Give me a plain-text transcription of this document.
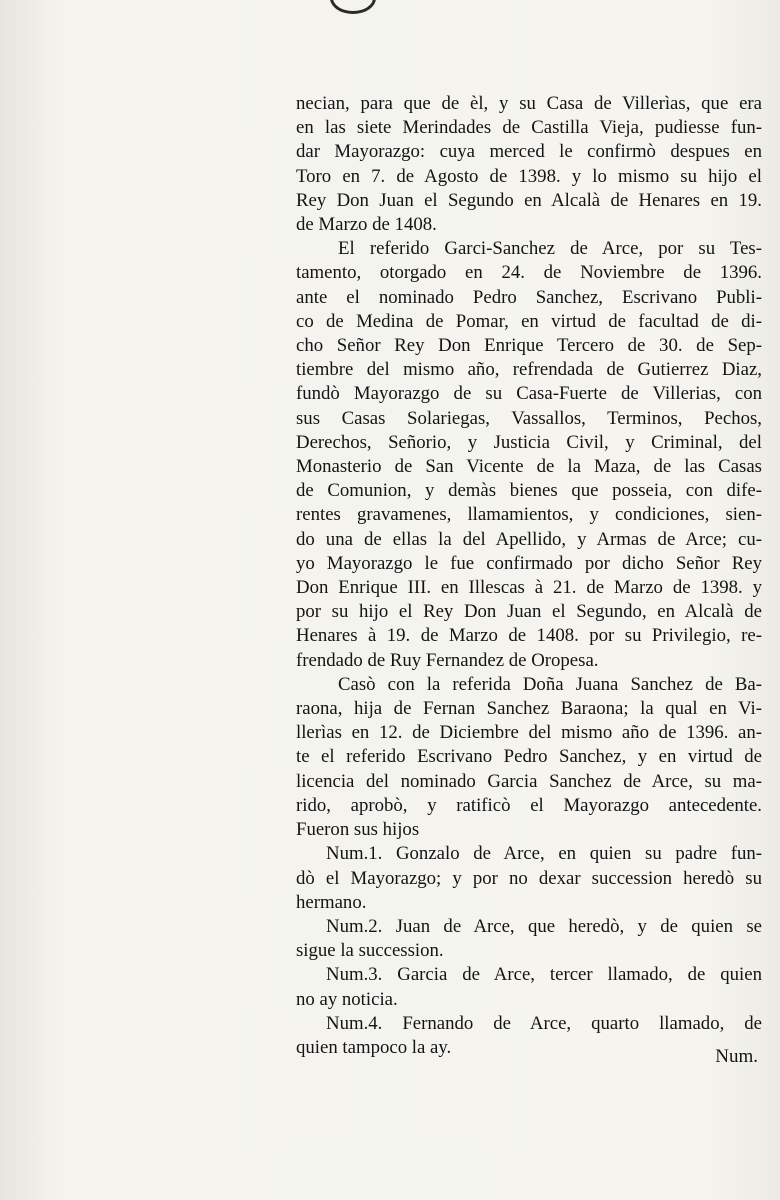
necian, para que de èl, y su Casa de Villerìas, que era
en las siete Merindades de Castilla Vieja, pudiesse fun-
dar Mayorazgo: cuya merced le confirmò despues en
Toro en 7. de Agosto de 1398. y lo mismo su hijo el
Rey Don Juan el Segundo en Alcalà de Henares en 19.
de Marzo de 1408.
El referido Garci-Sanchez de Arce, por su Tes-
tamento, otorgado en 24. de Noviembre de 1396.
ante el nominado Pedro Sanchez, Escrivano Publi-
co de Medina de Pomar, en virtud de facultad de di-
cho Señor Rey Don Enrique Tercero de 30. de Sep-
tiembre del mismo año, refrendada de Gutierrez Diaz,
fundò Mayorazgo de su Casa-Fuerte de Villerias, con
sus Casas Solariegas, Vassallos, Terminos, Pechos,
Derechos, Señorio, y Justicia Civil, y Criminal, del
Monasterio de San Vicente de la Maza, de las Casas
de Comunion, y demàs bienes que posseia, con dife-
rentes gravamenes, llamamientos, y condiciones, sien-
do una de ellas la del Apellido, y Armas de Arce; cu-
yo Mayorazgo le fue confirmado por dicho Señor Rey
Don Enrique III. en Illescas à 21. de Marzo de 1398. y
por su hijo el Rey Don Juan el Segundo, en Alcalà de
Henares à 19. de Marzo de 1408. por su Privilegio, re-
frendado de Ruy Fernandez de Oropesa.
Casò con la referida Doña Juana Sanchez de Ba-
raona, hija de Fernan Sanchez Baraona; la qual en Vi-
llerìas en 12. de Diciembre del mismo año de 1396. an-
te el referido Escrivano Pedro Sanchez, y en virtud de
licencia del nominado Garcia Sanchez de Arce, su ma-
rido, aprobò, y ratificò el Mayorazgo antecedente.
Fueron sus hijos
Num.1. Gonzalo de Arce, en quien su padre fun-
dò el Mayorazgo; y por no dexar succession heredò su
hermano.
Num.2. Juan de Arce, que heredò, y de quien se
sigue la succession.
Num.3. Garcia de Arce, tercer llamado, de quien
no ay noticia.
Num.4. Fernando de Arce, quarto llamado, de
quien tampoco la ay.	Num.
